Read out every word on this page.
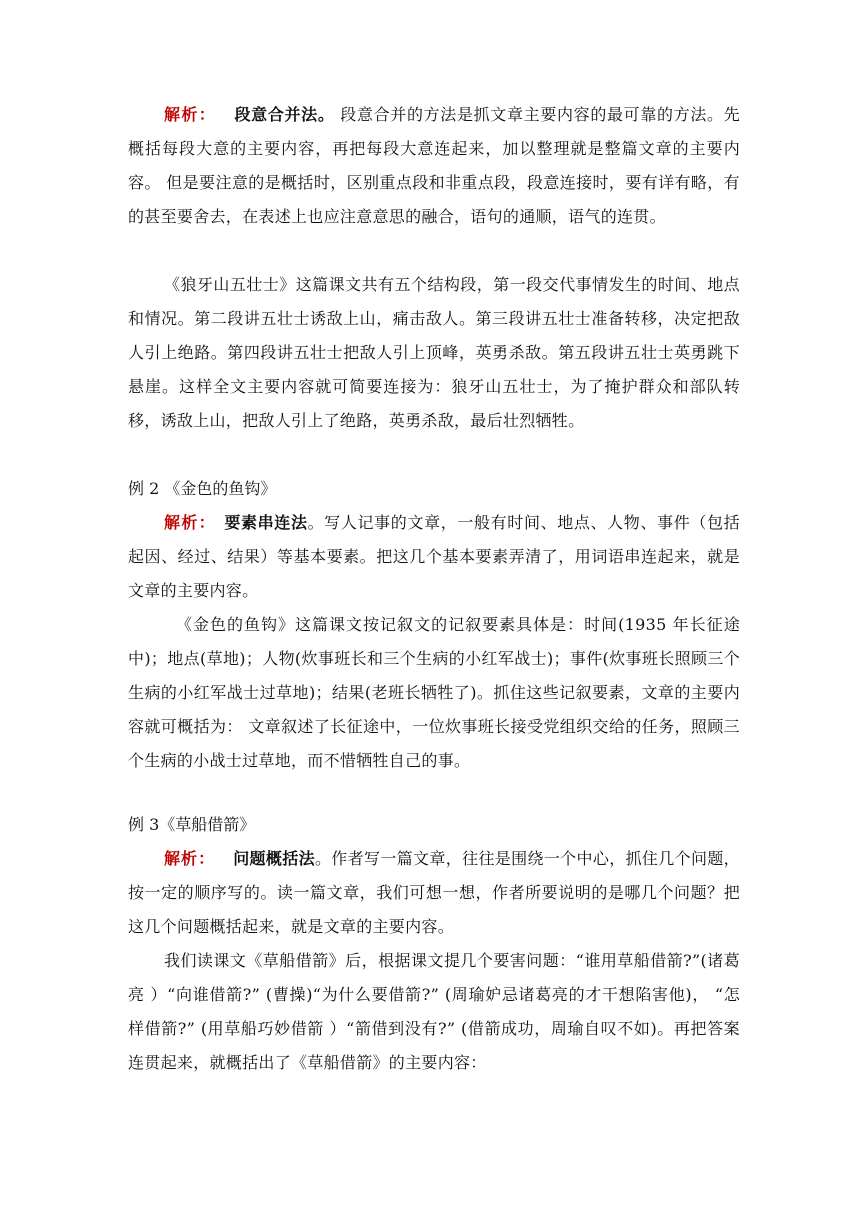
解析： 段意合并法。 段意合并的方法是抓文章主要内容的最可靠的方法。先概括每段大意的主要内容，再把每段大意连起来，加以整理就是整篇文章的主要内容。 但是要注意的是概括时，区别重点段和非重点段，段意连接时，要有详有略，有的甚至要舍去，在表述上也应注意意思的融合，语句的通顺，语气的连贯。

《狼牙山五壮士》这篇课文共有五个结构段，第一段交代事情发生的时间、地点和情况。第二段讲五壮士诱敌上山，痛击敌人。第三段讲五壮士准备转移，决定把敌人引上绝路。第四段讲五壮士把敌人引上顶峰，英勇杀敌。第五段讲五壮士英勇跳下悬崖。这样全文主要内容就可简要连接为：狼牙山五壮士，为了掩护群众和部队转移，诱敌上山，把敌人引上了绝路，英勇杀敌，最后壮烈牺牲。

例 2 《金色的鱼钩》

解析： 要素串连法。写人记事的文章，一般有时间、地点、人物、事件（包括起因、经过、结果）等基本要素。把这几个基本要素弄清了，用词语串连起来，就是文章的主要内容。

《金色的鱼钩》这篇课文按记叙文的记叙要素具体是：时间(1935 年长征途中)；地点(草地)；人物(炊事班长和三个生病的小红军战士)；事件(炊事班长照顾三个生病的小红军战士过草地)；结果(老班长牺牲了)。抓住这些记叙要素，文章的主要内容就可概括为： 文章叙述了长征途中，一位炊事班长接受党组织交给的任务，照顾三个生病的小战士过草地，而不惜牺牲自己的事。

例 3《草船借箭》

解析： 问题概括法。作者写一篇文章，往往是围绕一个中心，抓住几个问题，按一定的顺序写的。读一篇文章，我们可想一想，作者所要说明的是哪几个问题？把这几个问题概括起来，就是文章的主要内容。

我们读课文《草船借箭》后，根据课文提几个要害问题：“谁用草船借箭?”(诸葛亮 ）“向谁借箭?” (曹操)“为什么要借箭?” (周瑜妒忌诸葛亮的才干想陷害他)， “怎样借箭?” (用草船巧妙借箭 ）“箭借到没有?” (借箭成功，周瑜自叹不如)。再把答案连贯起来，就概括出了《草船借箭》的主要内容：
